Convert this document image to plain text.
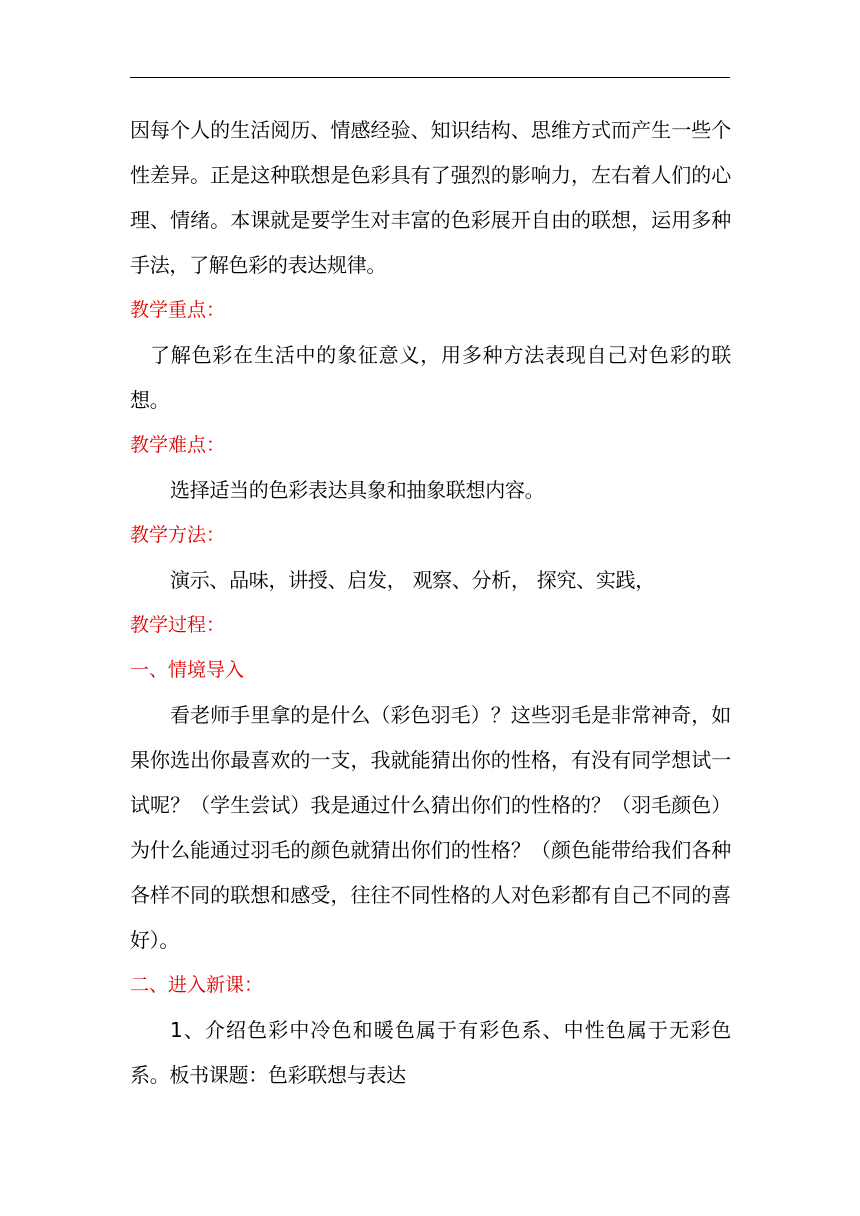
因每个人的生活阅历、情感经验、知识结构、思维方式而产生一些个性差异。正是这种联想是色彩具有了强烈的影响力，左右着人们的心理、情绪。本课就是要学生对丰富的色彩展开自由的联想，运用多种手法，了解色彩的表达规律。

教学重点：

了解色彩在生活中的象征意义，用多种方法表现自己对色彩的联想。

教学难点：

选择适当的色彩表达具象和抽象联想内容。

教学方法：

演示、品味，讲授、启发， 观察、分析， 探究、实践，

教学过程：

一、情境导入

看老师手里拿的是什么（彩色羽毛）？这些羽毛是非常神奇，如果你选出你最喜欢的一支，我就能猜出你的性格，有没有同学想试一试呢？（学生尝试）我是通过什么猜出你们的性格的？（羽毛颜色）为什么能通过羽毛的颜色就猜出你们的性格？（颜色能带给我们各种各样不同的联想和感受，往往不同性格的人对色彩都有自己不同的喜好）。

二、进入新课：

1、介绍色彩中冷色和暖色属于有彩色系、中性色属于无彩色系。板书课题：色彩联想与表达
